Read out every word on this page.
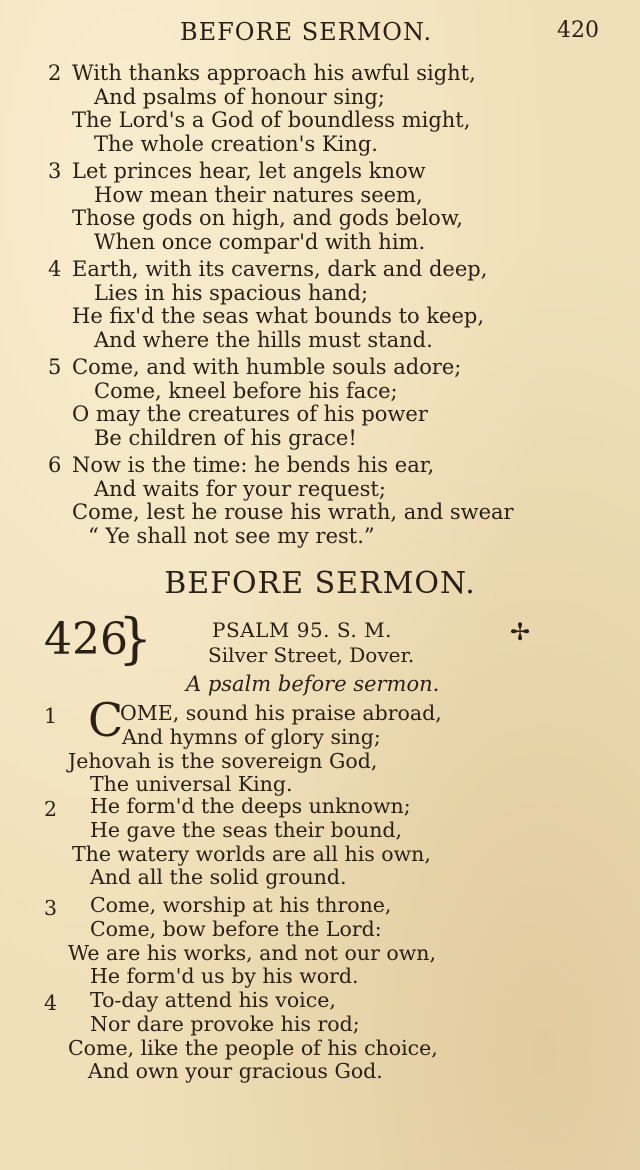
BEFORE SERMON.	420
2 With thanks approach his awful sight,
And psalms of honour sing;
The Lord's a God of boundless might,
The whole creation's King.
3 Let princes hear, let angels know
How mean their natures seem,
Those gods on high, and gods below,
When once compar'd with him.
4 Earth, with its caverns, dark and deep,
Lies in his spacious hand;
He fix'd the seas what bounds to keep,
And where the hills must stand.
5 Come, and with humble souls adore;
Come, kneel before his face;
O may the creatures of his power
Be children of his grace!
6 Now is the time: he bends his ear,
And waits for your request;
Come, lest he rouse his wrath, and swear
“ Ye shall not see my rest.”
BEFORE SERMON.
426
}	PSALM 95. S. M.
Silver Street, Dover.
✢
A psalm before sermon.
1 C
OME, sound his praise abroad,
And hymns of glory sing;
Jehovah is the sovereign God,
The universal King.
2	He form'd the deeps unknown;
He gave the seas their bound,
The watery worlds are all his own,
And all the solid ground.
3	Come, worship at his throne,
Come, bow before the Lord:
We are his works, and not our own,
He form'd us by his word.
4	To-day attend his voice,
Nor dare provoke his rod;
Come, like the people of his choice,
And own your gracious God.
